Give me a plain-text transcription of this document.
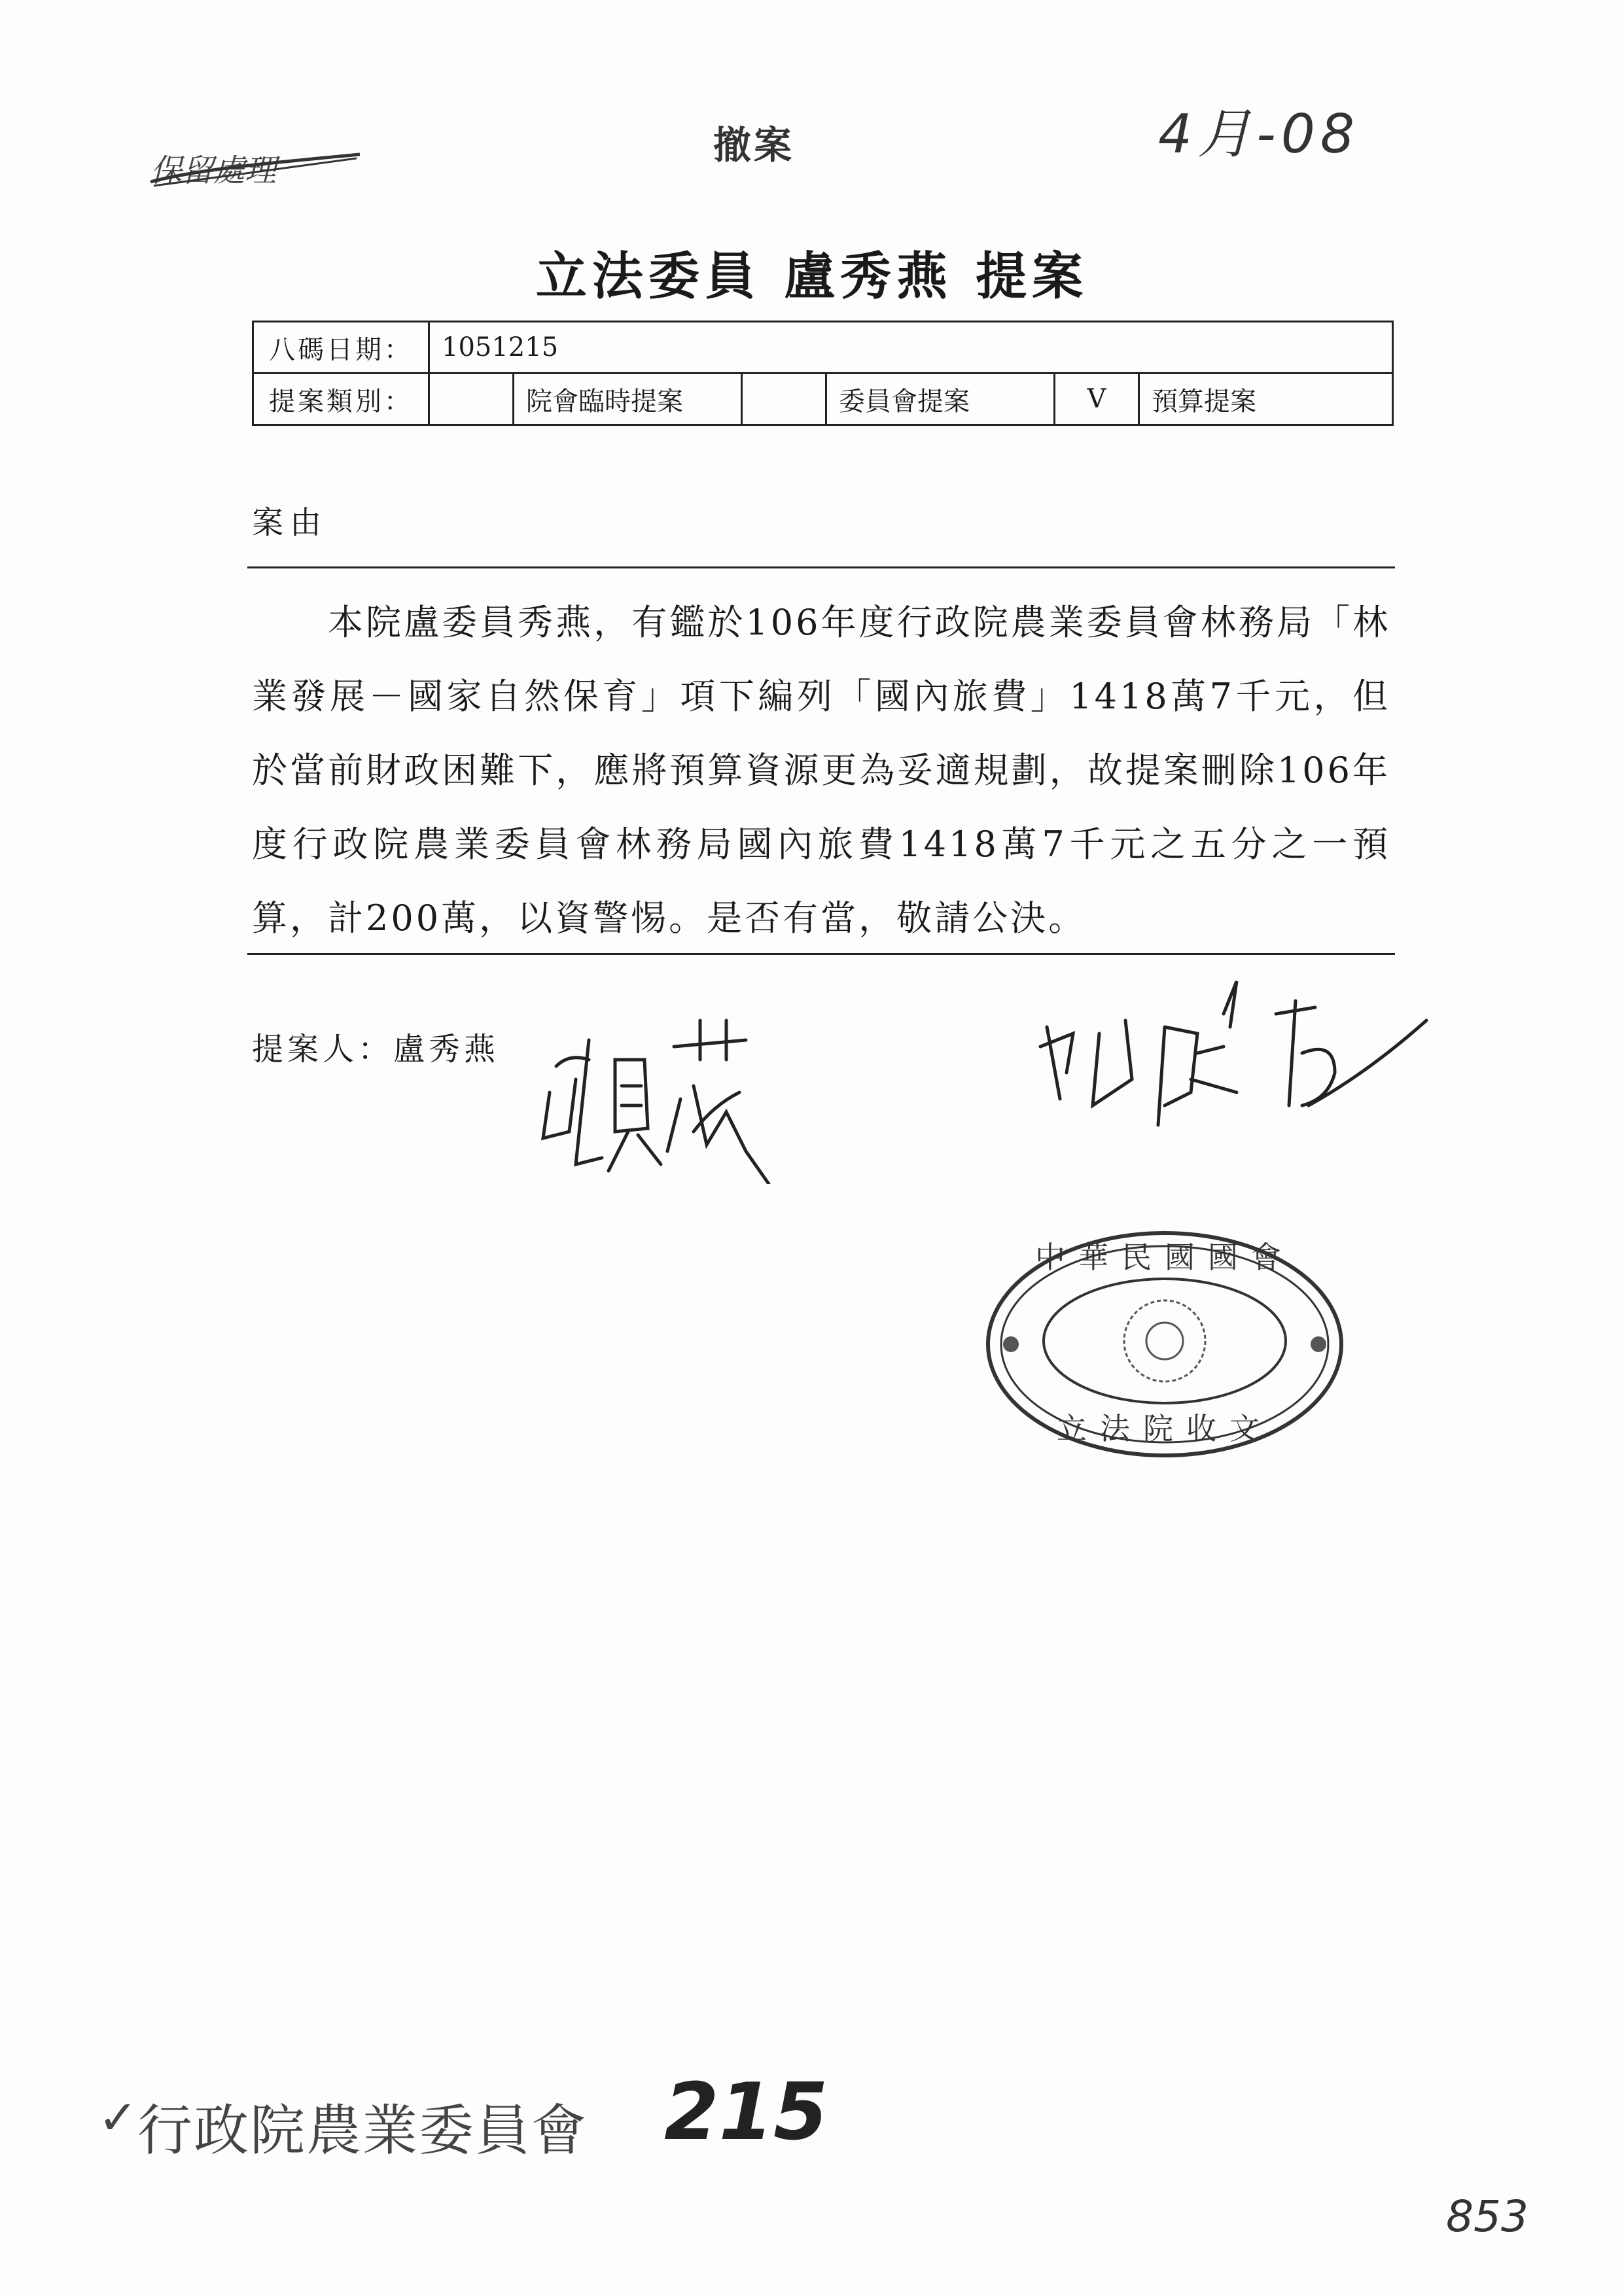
撤案
保留處理
4月-08
立法委員 盧秀燕 提案
八碼日期：	1051215					
提案類別：		院會臨時提案		委員會提案	V	預算提案
案由
本院盧委員秀燕，有鑑於106年度行政院農業委員會林務局「林業發展－國家自然保育」項下編列「國內旅費」1418萬7千元，但於當前財政困難下，應將預算資源更為妥適規劃，故提案刪除106年度行政院農業委員會林務局國內旅費1418萬7千元之五分之一預算，計200萬，以資警惕。是否有當，敬請公決。
提案人：盧秀燕
中華民國國會
立法院收文
✓ 行政院農業委員會 215
853
